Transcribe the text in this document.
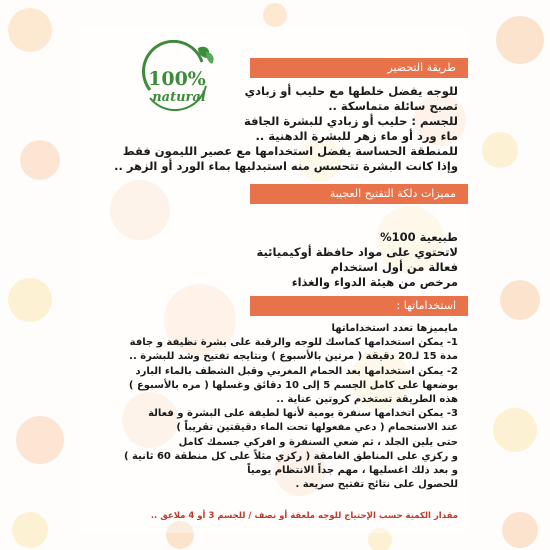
100%
natural
طريقة التحضير
للوجه يفضل خلطها مع حليب أو زبادي
تصبح سائلة متماسكة ..
للجسم : حليب أو زبادي للبشرة الجافة
ماء ورد أو ماء زهر للبشرة الدهنية ..
للمنطقة الحساسة يفضل استخدامها مع عصير الليمون فقط
وإذا كانت البشرة تتحسس منه استبدليها بماء الورد أو الزهر ..
مميزات دلكة التفتيح العجيبة
طبيعية 100%
لاتحتوي على مواد حافظة أوكيميائية
فعالة من أول استخدام
مرخص من هيئة الدواء والغذاء
استخداماتها :
مايميزها تعدد استخداماتها
1- يمكن استخدامها كماسك للوجه والرقبة على بشرة نظيفة و جافة
مدة 15 لـ20 دقيقة ( مرتين بالأسبوع ) ونتايجه تفتيح وشد للبشرة ..
2- يمكن استخدامها بعد الحمام المغربي وقبل الشطف بالماء البارد
بوضعها على كامل الجسم 5 إلى 10 دقائق وغسلها ( مره بالأسبوع )
هذه الطريقة تستخدم كروتين عناية ..
3- يمكن اتخدامها سنفرة يومية لأنها لطيفة على البشرة و فعالة
عند الاستحمام ( دعي مفعولها تحت الماء دقيقتين تقريباً )
حتى يلين الجلد ، ثم ضعي السنفرة و افركي جسمك كامل
و ركزي على المناطق الغامقة ( ركزي مثلاً على كل منطقة 60 ثانية )
و بعد ذلك اغسليها ، مهم جداً الانتظام يومياً
للحصول على نتائج تفتيح سريعة .
مقدار الكمية حسب الإحتياج للوجه ملعقة أو نصف / للجسم 3 أو 4 ملاعق ..
